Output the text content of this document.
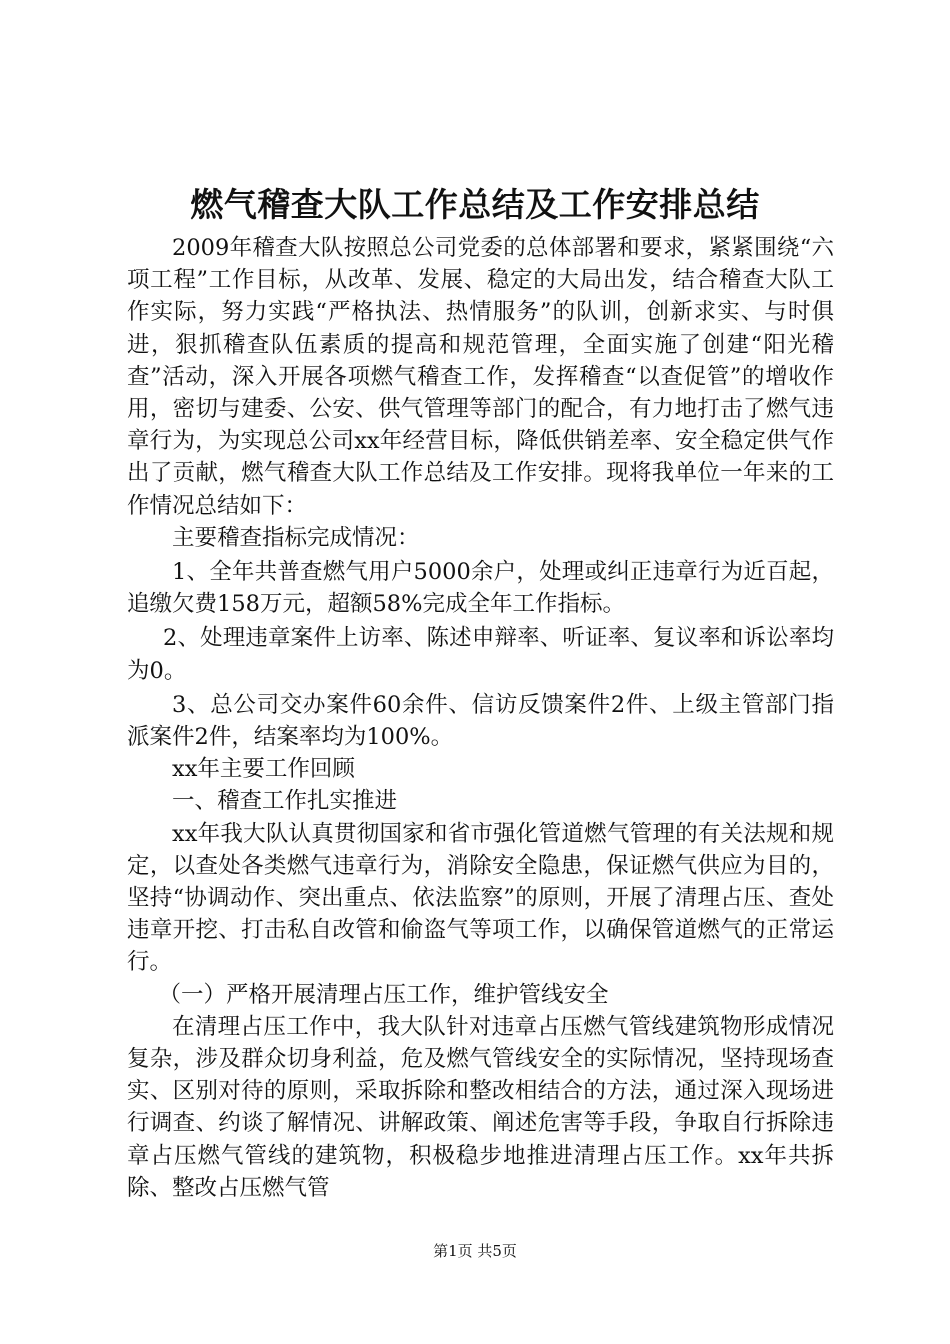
燃气稽查大队工作总结及工作安排总结

2009年稽查大队按照总公司党委的总体部署和要求，紧紧围绕“六项工程”工作目标，从改革、发展、稳定的大局出发，结合稽查大队工作实际，努力实践“严格执法、热情服务”的队训，创新求实、与时俱进，狠抓稽查队伍素质的提高和规范管理，全面实施了创建“阳光稽查”活动，深入开展各项燃气稽查工作，发挥稽查“以查促管”的增收作用，密切与建委、公安、供气管理等部门的配合，有力地打击了燃气违章行为，为实现总公司xx年经营目标，降低供销差率、安全稳定供气作出了贡献，燃气稽查大队工作总结及工作安排。现将我单位一年来的工作情况总结如下：

主要稽查指标完成情况：

1、全年共普查燃气用户5000余户，处理或纠正违章行为近百起，追缴欠费158万元，超额58%完成全年工作指标。

2、处理违章案件上访率、陈述申辩率、听证率、复议率和诉讼率均为0。

3、总公司交办案件60余件、信访反馈案件2件、上级主管部门指派案件2件，结案率均为100%。

xx年主要工作回顾

一、稽查工作扎实推进

xx年我大队认真贯彻国家和省市强化管道燃气管理的有关法规和规定，以查处各类燃气违章行为，消除安全隐患，保证燃气供应为目的，坚持“协调动作、突出重点、依法监察”的原则，开展了清理占压、查处违章开挖、打击私自改管和偷盗气等项工作，以确保管道燃气的正常运行。

（一）严格开展清理占压工作，维护管线安全

在清理占压工作中，我大队针对违章占压燃气管线建筑物形成情况复杂，涉及群众切身利益，危及燃气管线安全的实际情况，坚持现场查实、区别对待的原则，采取拆除和整改相结合的方法，通过深入现场进行调查、约谈了解情况、讲解政策、阐述危害等手段，争取自行拆除违章占压燃气管线的建筑物，积极稳步地推进清理占压工作。xx年共拆除、整改占压燃气管

第1页 共5页
